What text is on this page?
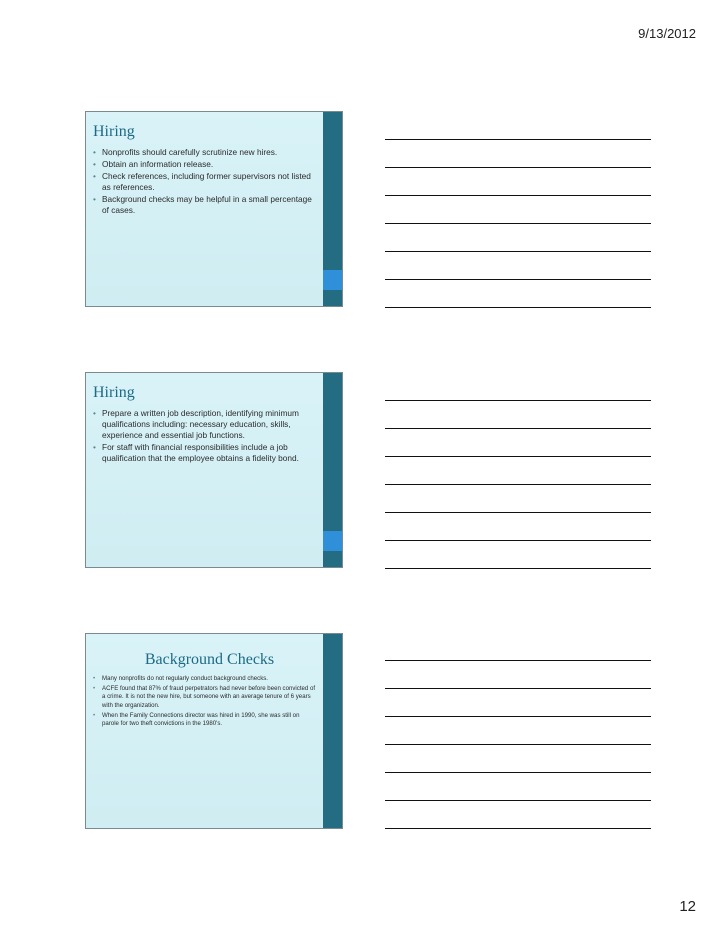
9/13/2012
Hiring
• Nonprofits should carefully scrutinize new hires.
• Obtain an information release.
• Check references, including former supervisors not listed as references.
• Background checks may be helpful in a small percentage of cases.
Hiring
• Prepare a written job description, identifying minimum qualifications including: necessary education, skills, experience and essential job functions.
• For staff with financial responsibilities include a job qualification that the employee obtains a fidelity bond.
Background Checks
• Many nonprofits do not regularly conduct background checks.
• ACFE found that 87% of fraud perpetrators had never before been convicted of a crime. It is not the new hire, but someone with an average tenure of 6 years with the organization.
• When the Family Connections director was hired in 1990, she was still on parole for two theft convictions in the 1980's.
12
